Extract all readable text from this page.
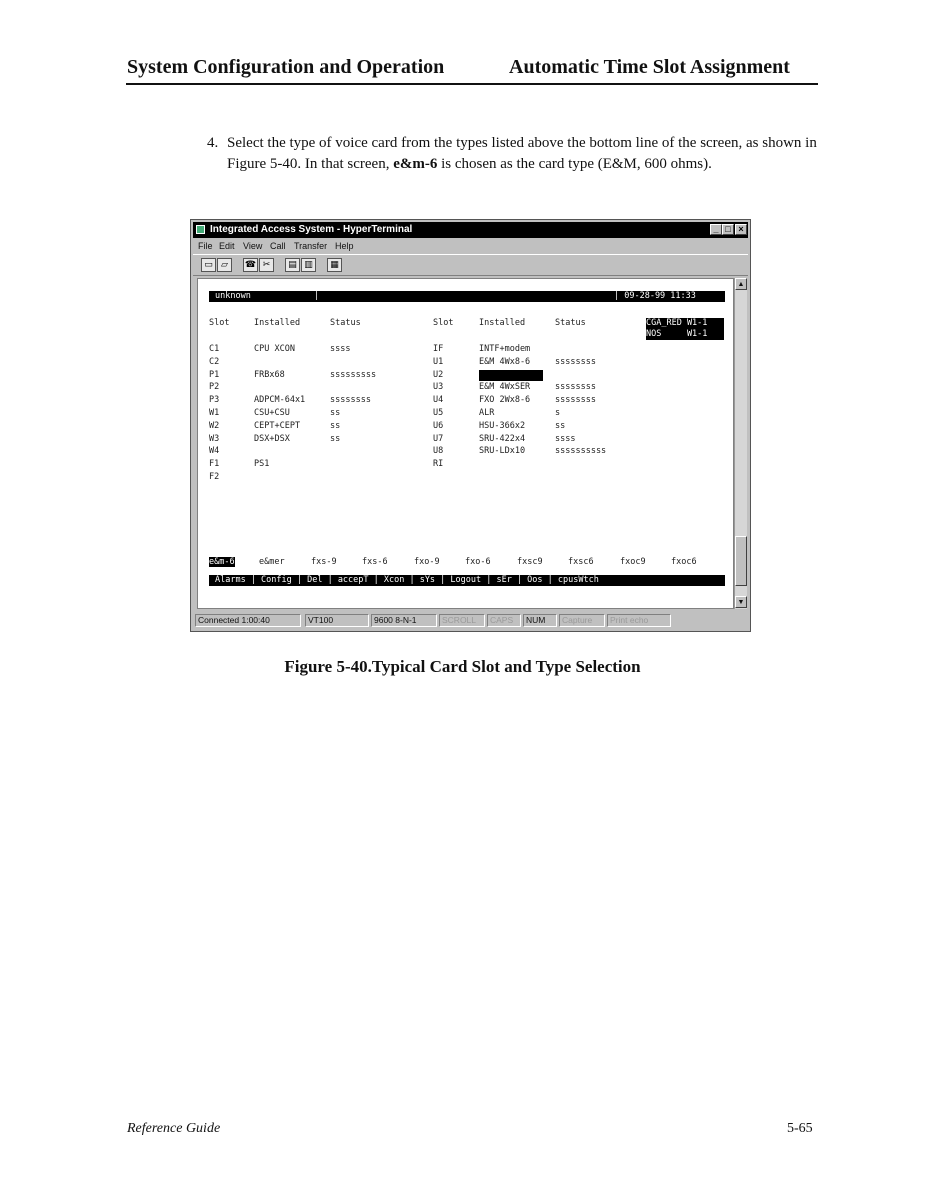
System Configuration and Operation	Automatic Time Slot Assignment
4. Select the type of voice card from the types listed above the bottom line of the screen, as shown in Figure 5-40. In that screen, e&m-6 is chosen as the card type (E&M, 600 ohms).
Integrated Access System - HyperTerminal	_ □ ×
File Edit View Call Transfer Help
▭ ▱	☎ ✂	▤ ▥	▦

unknown

	|

	| 09-28-99 11:33

CGA_RED W1-1
NOS     W1-1
Slot	Installed	Status	Slot	Installed	Status
C1	CPU XCON	ssss
C2
P1	FRBx68	sssssssss
P2
P3	ADPCM-64x1	ssssssss
W1	CSU+CSU	ss
W2	CEPT+CEPT	ss
W3	DSX+DSX	ss
W4
F1	PS1
F2
IF	INTF+modem
U1	E&M 4Wx8-6	ssssssss
U2
U3	E&M 4WxSER	ssssssss
U4	FXO 2Wx8-6	ssssssss
U5	ALR	s
U6	HSU-366x2	ss
U7	SRU-422x4	ssss
U8	SRU-LDx10	ssssssssss
RI
e&m-6	e&mer	fxs-9	fxs-6	fxo-9	fxo-6	fxsc9	fxsc6	fxoc9	fxoc6

Alarms | Config | Del | accepT | Xcon | sYs | Logout | sEr | Oos | cpusWtch

▲
▼
Connected 1:00:40	VT100	9600 8-N-1	SCROLL	CAPS	NUM	Capture	Print echo
Figure 5-40.Typical Card Slot and Type Selection
Reference Guide	5-65
